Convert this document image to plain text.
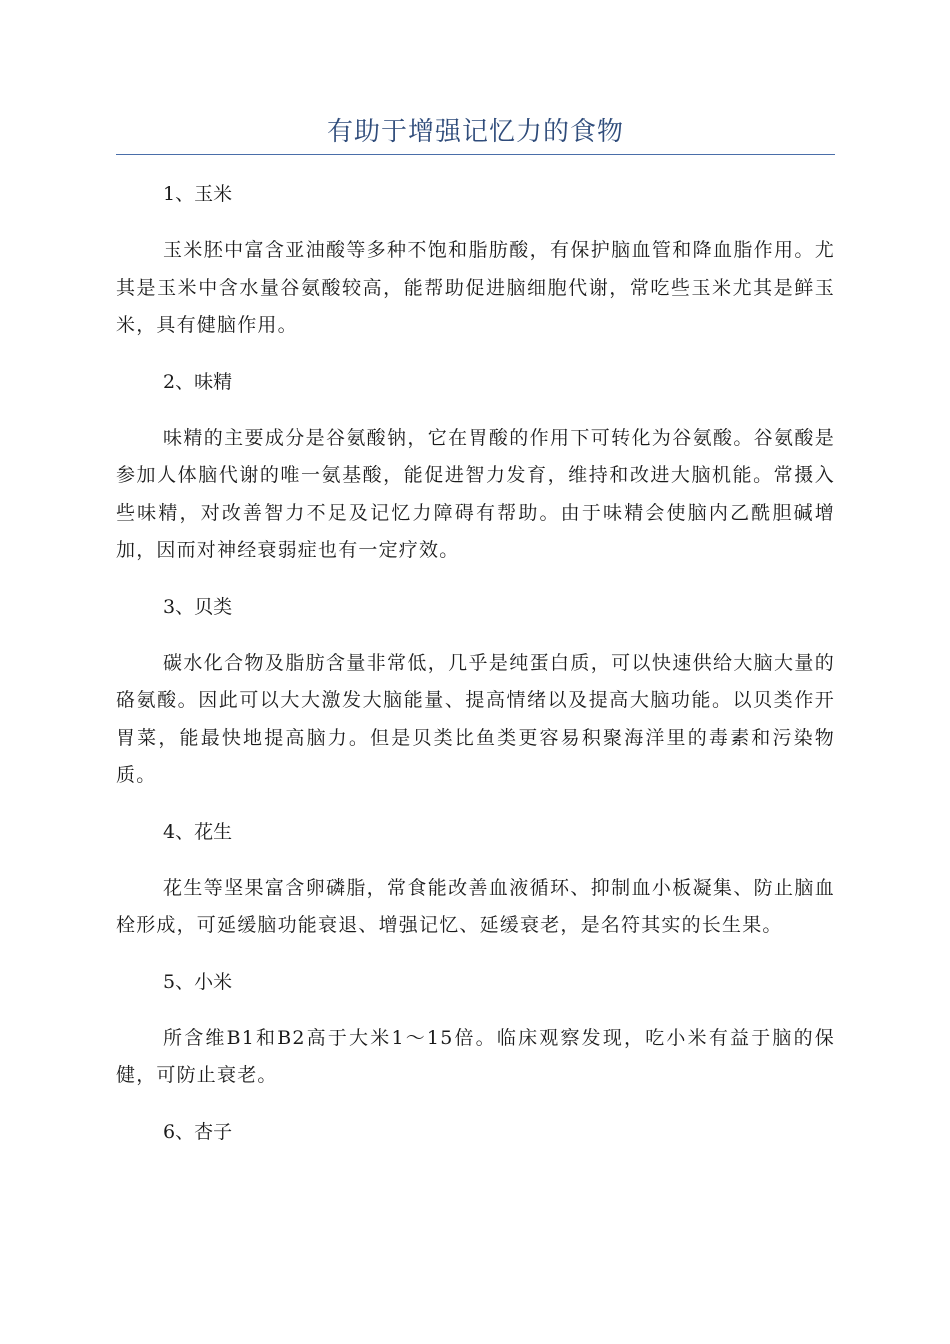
有助于增强记忆力的食物
1、玉米
玉米胚中富含亚油酸等多种不饱和脂肪酸，有保护脑血管和降血脂作用。尤其是玉米中含水量谷氨酸较高，能帮助促进脑细胞代谢，常吃些玉米尤其是鲜玉米，具有健脑作用。
2、味精
味精的主要成分是谷氨酸钠，它在胃酸的作用下可转化为谷氨酸。谷氨酸是参加人体脑代谢的唯一氨基酸，能促进智力发育，维持和改进大脑机能。常摄入些味精，对改善智力不足及记忆力障碍有帮助。由于味精会使脑内乙酰胆碱增加，因而对神经衰弱症也有一定疗效。
3、贝类
碳水化合物及脂肪含量非常低，几乎是纯蛋白质，可以快速供给大脑大量的硌氨酸。因此可以大大激发大脑能量、提高情绪以及提高大脑功能。以贝类作开胃菜，能最快地提高脑力。但是贝类比鱼类更容易积聚海洋里的毒素和污染物质。
4、花生
花生等坚果富含卵磷脂，常食能改善血液循环、抑制血小板凝集、防止脑血栓形成，可延缓脑功能衰退、增强记忆、延缓衰老，是名符其实的长生果。
5、小米
所含维B1和B2高于大米1～15倍。临床观察发现，吃小米有益于脑的保健，可防止衰老。
6、杏子
